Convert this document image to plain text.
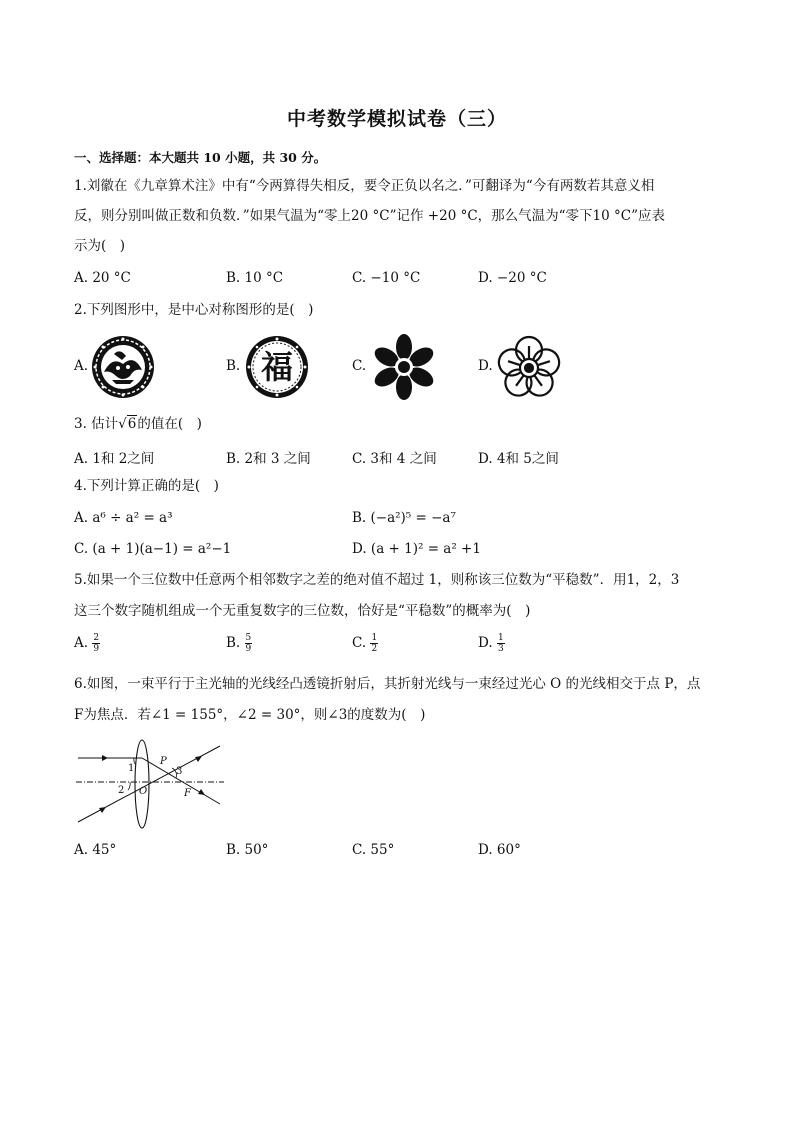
中考数学模拟试卷（三）
一、选择题：本大题共 10 小题，共 30 分。
1.刘徽在《九章算术注》中有“今两算得失相反，要令正负以名之．”可翻译为“今有两数若其意义相
反，则分别叫做正数和负数．”如果气温为“零上20 °C”记作 +20 °C，那么气温为“零下10 °C”应表
示为(　)
A. 20 °C	B. 10 °C	C. −10 °C	D. −20 °C
2.下列图形中，是中心对称图形的是(　)
A.	B. 福	C.	D.
3. 估计√6的值在(　)
A. 1和 2之间	B. 2和 3 之间	C. 3和 4 之间	D. 4和 5之间
4.下列计算正确的是(　)
A. a⁶ ÷ a² = a³	B. (−a²)⁵ = −a⁷
C. (a + 1)(a−1) = a²−1	D. (a + 1)² = a² +1
5.如果一个三位数中任意两个相邻数字之差的绝对值不超过 1，则称该三位数为“平稳数”．用1，2，3
这三个数字随机组成一个无重复数字的三位数，恰好是“平稳数”的概率为(　)
A. $\frac{2}{9}$	B. $\frac{5}{9}$	C. $\frac{1}{2}$	D. $\frac{1}{3}$
6.如图，一束平行于主光轴的光线经凸透镜折射后，其折射光线与一束经过光心 O 的光线相交于点 P，点
F为焦点．若∠1 = 155°，∠2 = 30°，则∠3的度数为(　)
1
2
3
P
O	F
A. 45°	B. 50°	C. 55°	D. 60°
